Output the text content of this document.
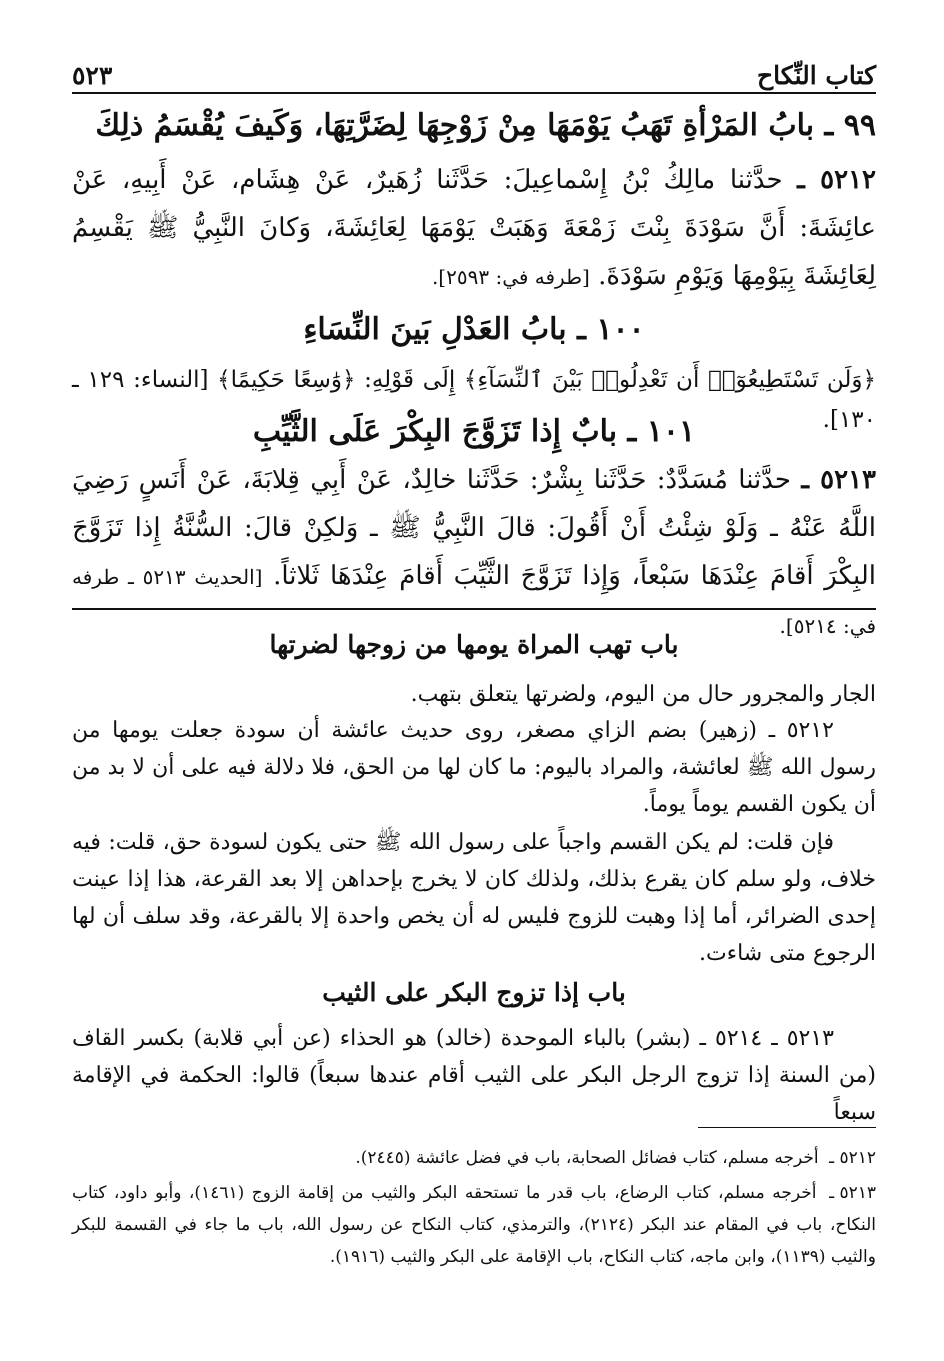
كتاب النِّكاح
٥٢٣
٩٩ ـ بابُ المَرْأةِ تَهَبُ يَوْمَهَا مِنْ زَوْجِهَا لِضَرَّتِهَا، وَكَيفَ يُقْسَمُ ذلِكَ
٥٢١٢ ـ حدَّثنا مالِكُ بْنُ إِسْماعِيلَ: حَدَّثَنا زُهَيرٌ، عَنْ هِشَام، عَنْ أَبِيهِ، عَنْ عائِشَةَ: أَنَّ سَوْدَةَ بِنْتَ زَمْعَةَ وَهَبَتْ يَوْمَهَا لِعَائِشَةَ، وَكانَ النَّبِيُّ ﷺ يَقْسِمُ لِعَائِشَةَ بِيَوْمِهَا وَيَوْمِ سَوْدَةَ. [طرفه في: ٢٥٩٣].
١٠٠ ـ بابُ العَدْلِ بَينَ النِّسَاءِ
﴿وَلَن تَسْتَطِيعُوٓا۟ أَن تَعْدِلُوا۟ بَيْنَ ٱلنِّسَآءِ﴾ إِلَى قَوْلِهِ: ﴿وَٰسِعًا حَكِيمًا﴾ [النساء: ١٢٩ ـ ١٣٠].
١٠١ ـ بابٌ إِذا تَزَوَّجَ البِكْرَ عَلَى الثَّيِّبِ
٥٢١٣ ـ حدَّثنا مُسَدَّدٌ: حَدَّثَنا بِشْرٌ: حَدَّثَنا خالِدٌ، عَنْ أَبِي قِلابَةَ، عَنْ أَنَسٍ رَضِيَ اللَّهُ عَنْهُ ـ وَلَوْ شِئْتُ أَنْ أَقُولَ: قالَ النَّبِيُّ ﷺ ـ وَلكِنْ قالَ: السُّنَّةُ إِذا تَزَوَّجَ البِكْرَ أَقامَ عِنْدَهَا سَبْعاً، وَإِذا تَزَوَّجَ الثَّيِّبَ أَقامَ عِنْدَهَا ثَلاثاً. [الحديث ٥٢١٣ ـ طرفه في: ٥٢١٤].
باب تهب المراة يومها من زوجها لضرتها
الجار والمجرور حال من اليوم، ولضرتها يتعلق بتهب.
٥٢١٢ ـ (زهير) بضم الزاي مصغر، روى حديث عائشة أن سودة جعلت يومها من رسول الله ﷺ لعائشة، والمراد باليوم: ما كان لها من الحق، فلا دلالة فيه على أن لا بد من أن يكون القسم يوماً يوماً.
فإن قلت: لم يكن القسم واجباً على رسول الله ﷺ حتى يكون لسودة حق، قلت: فيه خلاف، ولو سلم كان يقرع بذلك، ولذلك كان لا يخرج بإحداهن إلا بعد القرعة، هذا إذا عينت إحدى الضرائر، أما إذا وهبت للزوج فليس له أن يخص واحدة إلا بالقرعة، وقد سلف أن لها الرجوع متى شاءت.
باب إذا تزوج البكر على الثيب
٥٢١٣ ـ ٥٢١٤ ـ (بشر) بالباء الموحدة (خالد) هو الحذاء (عن أبي قلابة) بكسر القاف (من السنة إذا تزوج الرجل البكر على الثيب أقام عندها سبعاً) قالوا: الحكمة في الإقامة سبعاً
٥٢١٢ ـ أخرجه مسلم، كتاب فضائل الصحابة، باب في فضل عائشة (٢٤٤٥).
٥٢١٣ ـ أخرجه مسلم، كتاب الرضاع، باب قدر ما تستحقه البكر والثيب من إقامة الزوج (١٤٦١)، وأبو داود، كتاب النكاح، باب في المقام عند البكر (٢١٢٤)، والترمذي، كتاب النكاح عن رسول الله، باب ما جاء في القسمة للبكر والثيب (١١٣٩)، وابن ماجه، كتاب النكاح، باب الإقامة على البكر والثيب (١٩١٦).
